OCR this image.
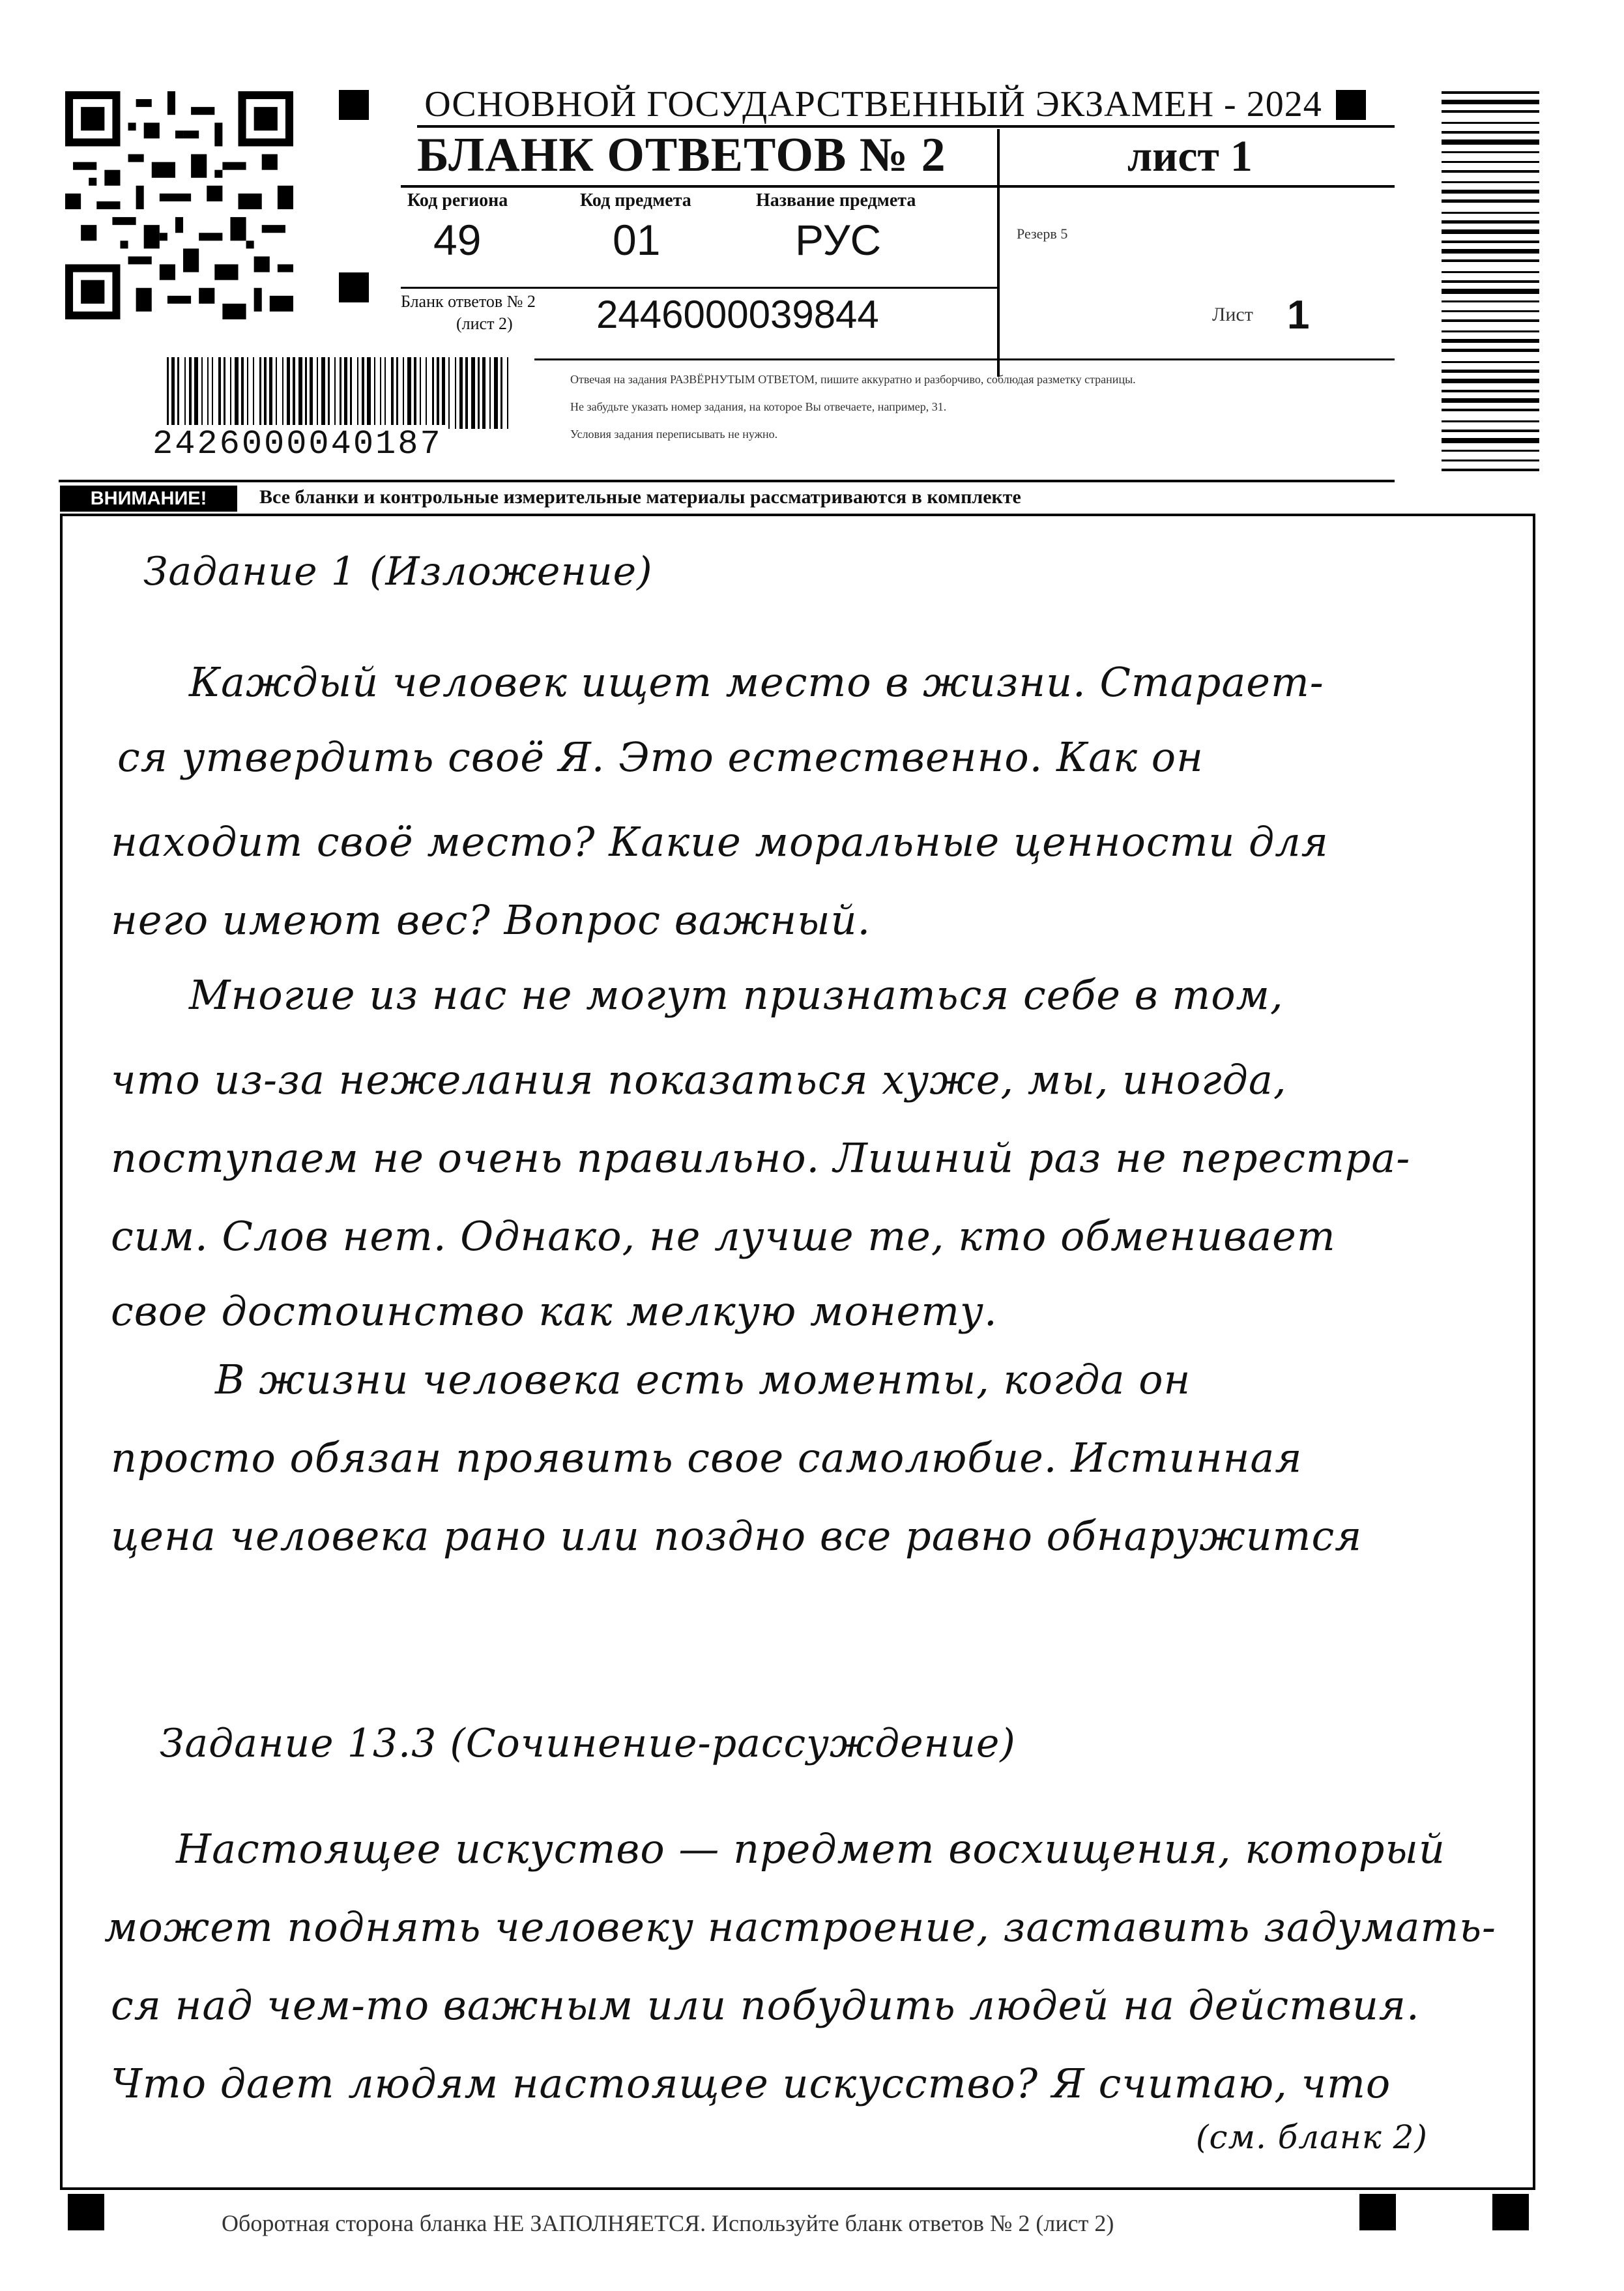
ОСНОВНОЙ ГОСУДАРСТВЕННЫЙ ЭКЗАМЕН - 2024
БЛАНК ОТВЕТОВ № 2	лист 1
Код региона
49
Код предмета
01
Название предмета
РУС	Резерв 5
Бланк ответов № 2
(лист 2) 2446000039844	Лист 1
Отвечая на задания РАЗВЁРНУТЫМ ОТВЕТОМ, пишите аккуратно и разборчиво, соблюдая разметку страницы.
Не забудьте указать номер задания, на которое Вы отвечаете, например, 31.
Условия задания переписывать не нужно.
2426000040187
ВНИМАНИЕ!	Все бланки и контрольные измерительные материалы рассматриваются в комплекте
Задание 1 (Изложение)
Каждый человек ищет место в жизни. Старает-
ся утвердить своё Я. Это естественно. Как он
находит своё место? Какие моральные ценности для
него имеют вес? Вопрос важный.
Многие из нас не могут признаться себе в том,
что из-за нежелания показаться хуже, мы, иногда,
поступаем не очень правильно. Лишний раз не перестра-
сим. Слов нет. Однако, не лучше те, кто обменивает
свое достоинство как мелкую монету.
В жизни человека есть моменты, когда он
просто обязан проявить свое самолюбие. Истинная
цена человека рано или поздно все равно обнаружится
Задание 13.3 (Сочинение-рассуждение)
Настоящее искуство — предмет восхищения, который
может поднять человеку настроение, заставить задумать-
ся над чем-то важным или побудить людей на действия.
Что дает людям настоящее искусство? Я считаю, что
(см. бланк 2)
Оборотная сторона бланка НЕ ЗАПОЛНЯЕТСЯ. Используйте бланк ответов № 2 (лист 2)
